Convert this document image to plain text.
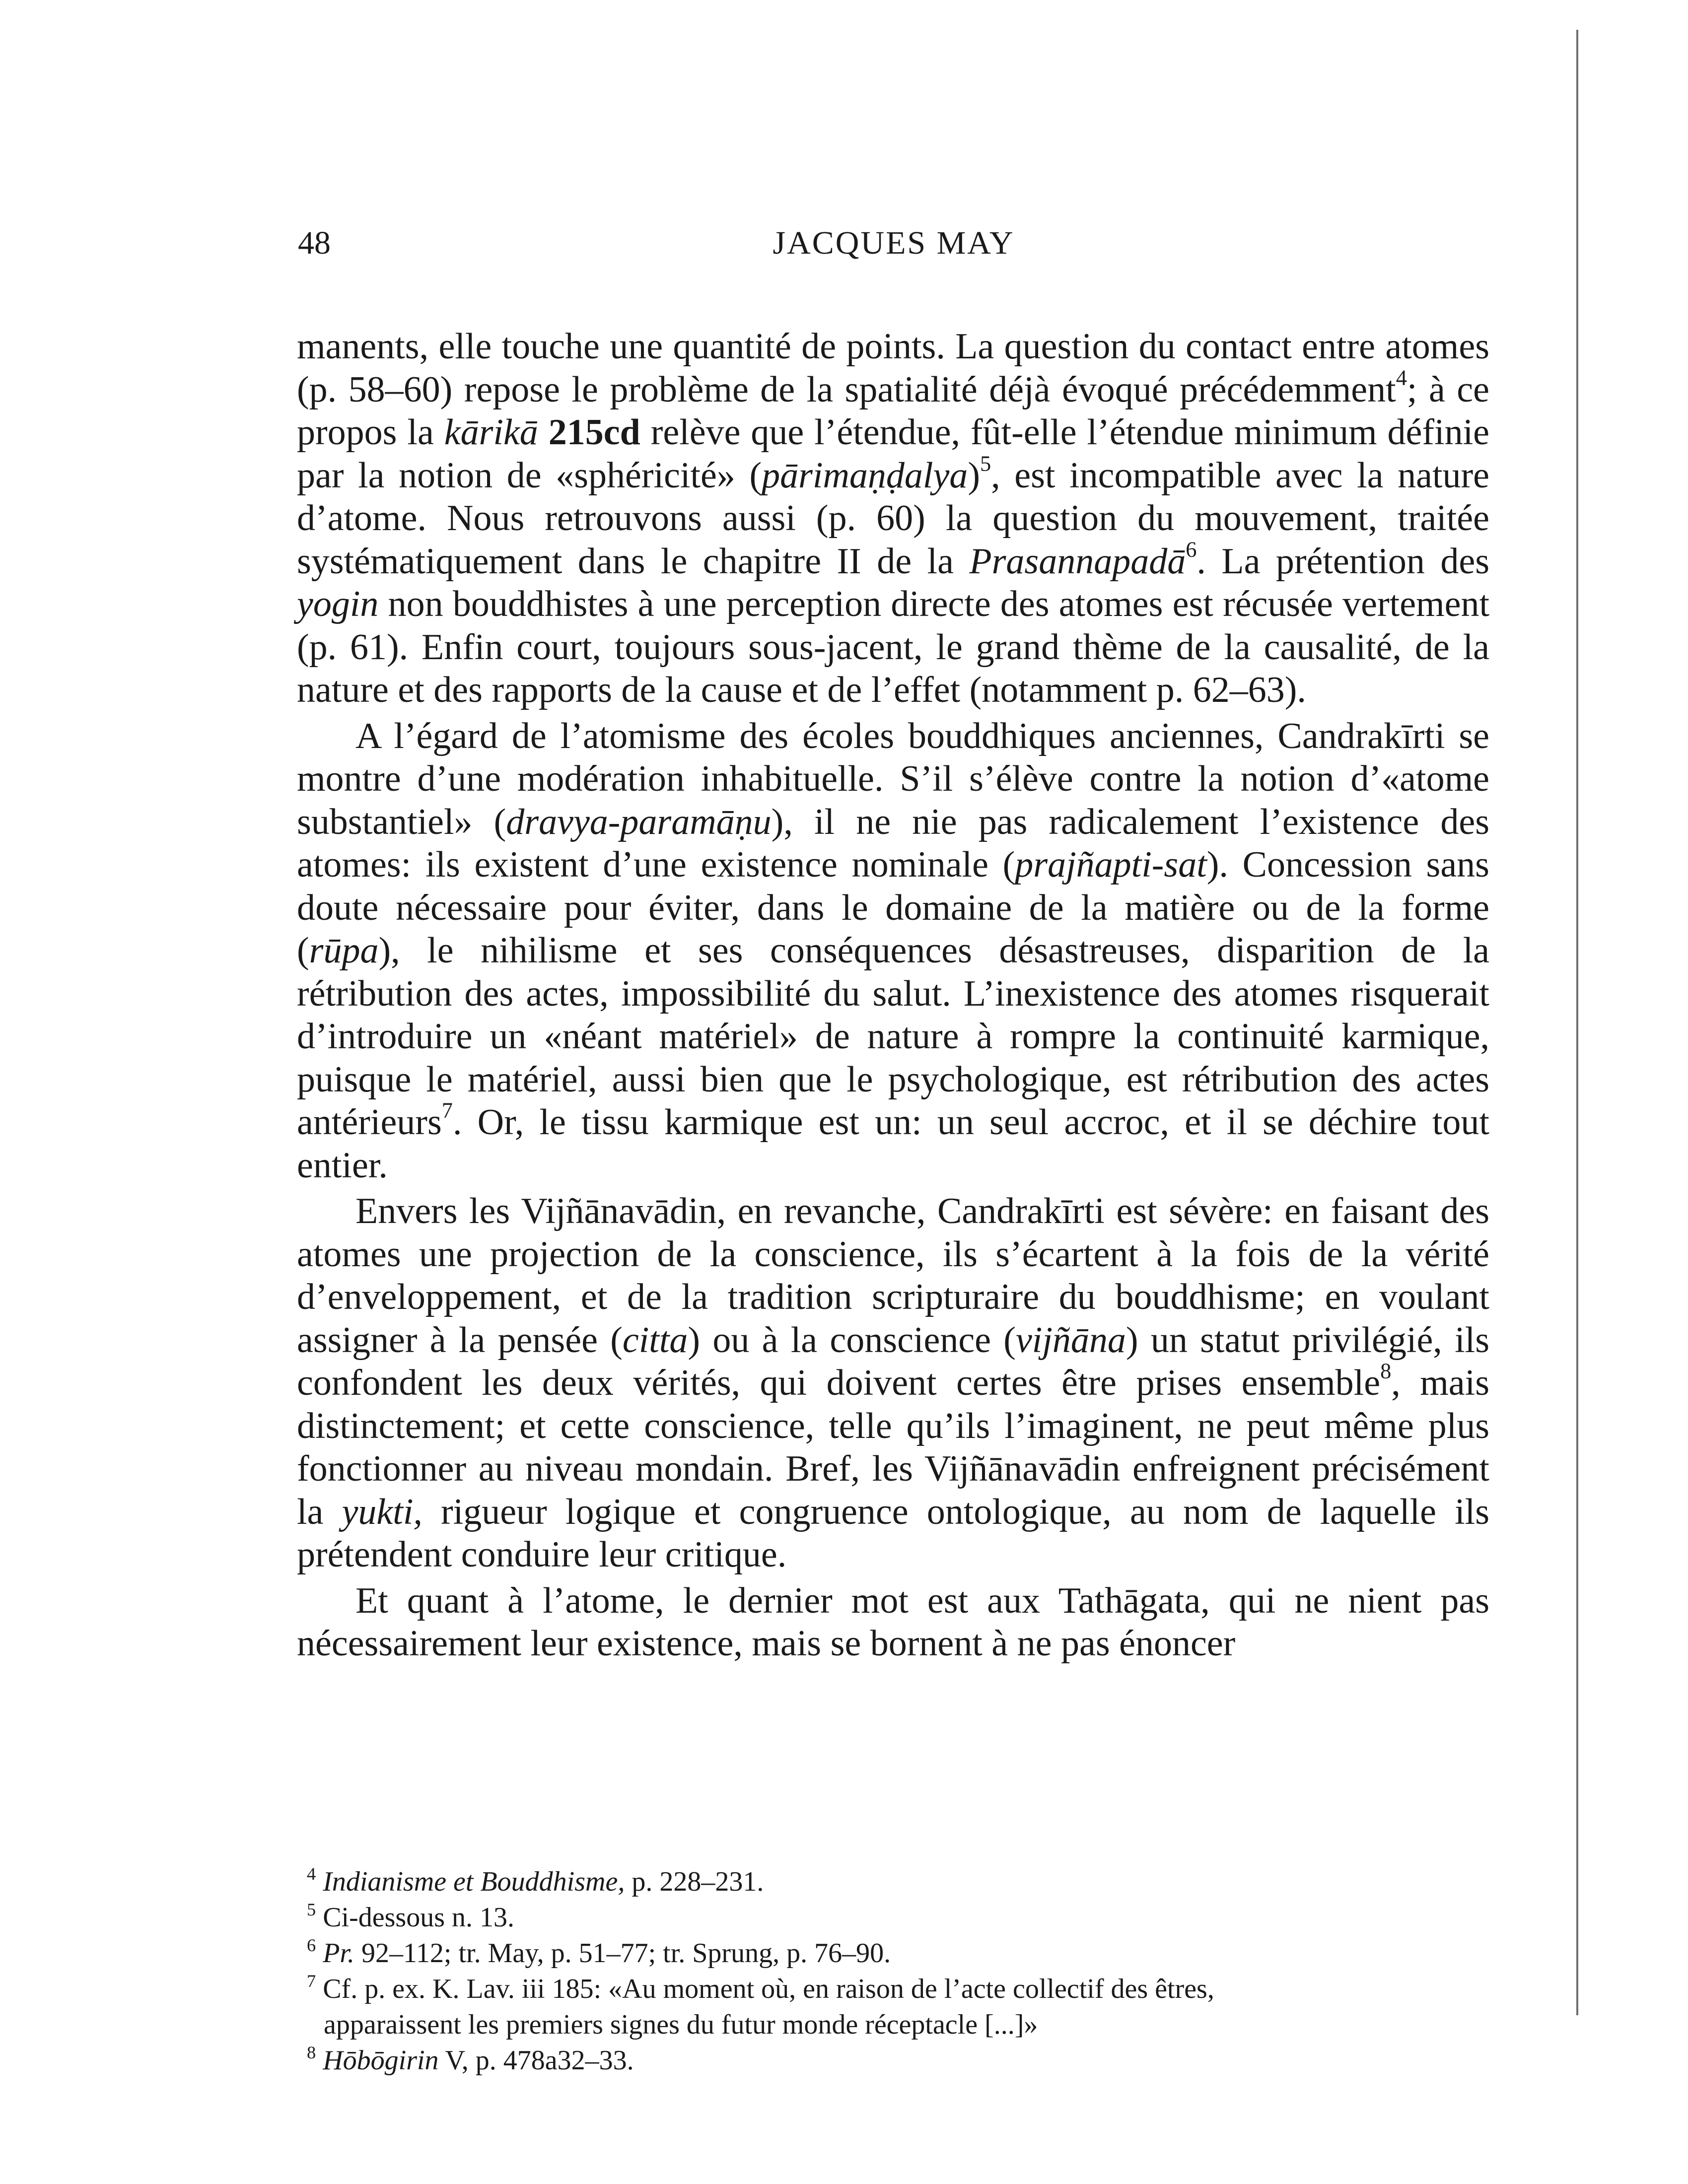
48	JACQUES MAY

manents, elle touche une quantité de points. La question du contact entre atomes (p. 58–60) repose le problème de la spatialité déjà évoqué précédemment$^4$; à ce propos la kārikā 215cd relève que l’étendue, fût-elle l’étendue minimum définie par la notion de «sphéricité» (pārimaṇḍalya)$^5$, est incompatible avec la nature d’atome. Nous retrouvons aussi (p. 60) la question du mouvement, traitée systématiquement dans le chapitre II de la Prasannapadā$^6$. La prétention des yogin non bouddhistes à une perception directe des atomes est récusée vertement (p. 61). Enfin court, toujours sous-jacent, le grand thème de la causalité, de la nature et des rapports de la cause et de l’effet (notamment p. 62–63).

A l’égard de l’atomisme des écoles bouddhiques anciennes, Candrakīrti se montre d’une modération inhabituelle. S’il s’élève contre la notion d’«atome substantiel» (dravya-paramāṇu), il ne nie pas radicalement l’existence des atomes: ils existent d’une existence nominale (prajñapti-sat). Concession sans doute nécessaire pour éviter, dans le domaine de la matière ou de la forme (rūpa), le nihilisme et ses conséquences désastreuses, disparition de la rétribution des actes, impossibilité du salut. L’inexistence des atomes risquerait d’introduire un «néant matériel» de nature à rompre la continuité karmique, puisque le matériel, aussi bien que le psychologique, est rétribution des actes antérieurs$^7$. Or, le tissu karmique est un: un seul accroc, et il se déchire tout entier.

Envers les Vijñānavādin, en revanche, Candrakīrti est sévère: en faisant des atomes une projection de la conscience, ils s’écartent à la fois de la vérité d’enveloppement, et de la tradition scripturaire du bouddhisme; en voulant assigner à la pensée (citta) ou à la conscience (vijñāna) un statut privilégié, ils confondent les deux vérités, qui doivent certes être prises ensemble$^8$, mais distinctement; et cette conscience, telle qu’ils l’imaginent, ne peut même plus fonctionner au niveau mondain. Bref, les Vijñānavādin enfreignent précisément la yukti, rigueur logique et congruence ontologique, au nom de laquelle ils prétendent conduire leur critique.

Et quant à l’atome, le dernier mot est aux Tathāgata, qui ne nient pas nécessairement leur existence, mais se bornent à ne pas énoncer

$^4$ Indianisme et Bouddhisme, p. 228–231.
$^5$ Ci-dessous n. 13.
$^6$ Pr. 92–112; tr. May, p. 51–77; tr. Sprung, p. 76–90.
$^7$ Cf. p. ex. K. Lav. iii 185: «Au moment où, en raison de l’acte collectif des êtres,
apparaissent les premiers signes du futur monde réceptacle [...]»
$^8$ Hōbōgirin V, p. 478a32–33.
